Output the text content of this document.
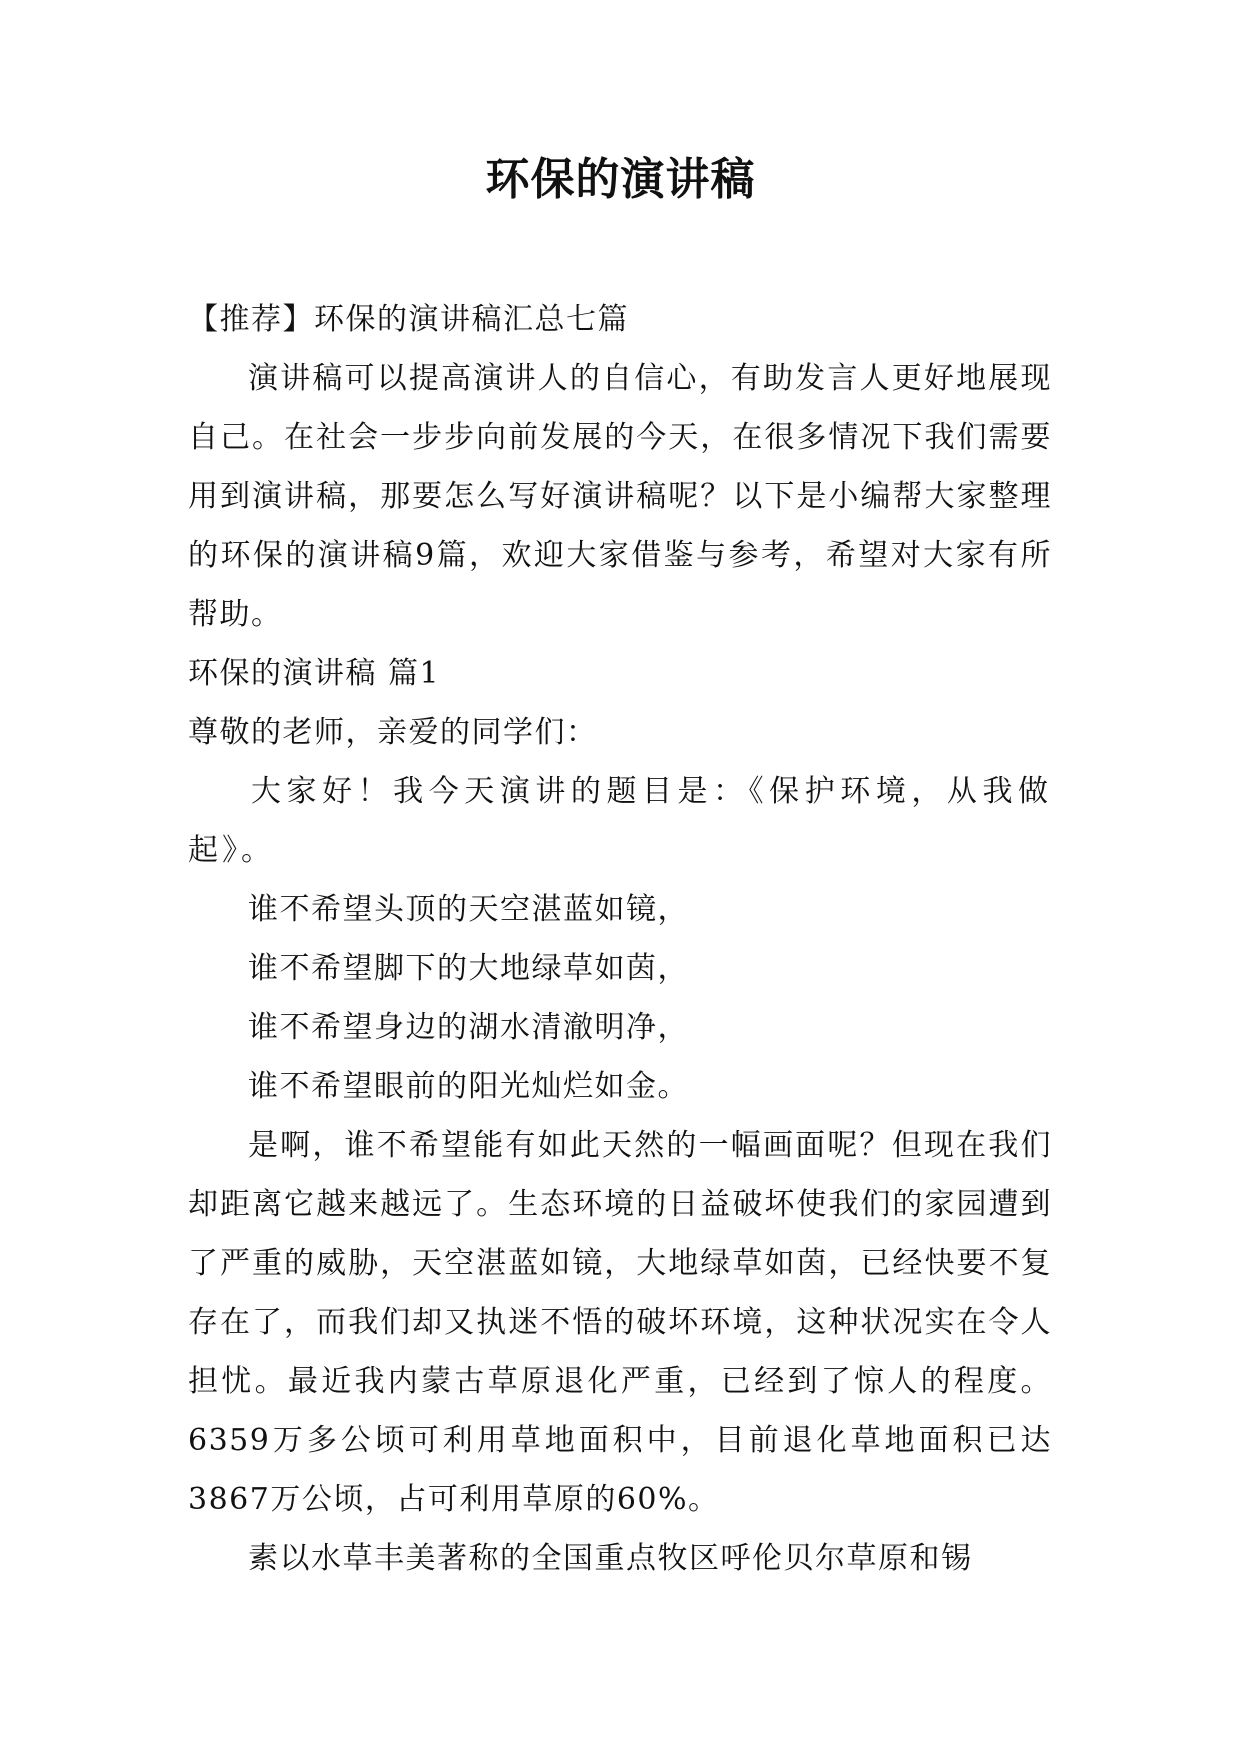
环保的演讲稿

【推荐】环保的演讲稿汇总七篇

演讲稿可以提高演讲人的自信心，有助发言人更好地展现自己。在社会一步步向前发展的今天，在很多情况下我们需要用到演讲稿，那要怎么写好演讲稿呢？以下是小编帮大家整理的环保的演讲稿9篇，欢迎大家借鉴与参考，希望对大家有所帮助。

环保的演讲稿 篇1

尊敬的老师，亲爱的同学们：

大家好！我今天演讲的题目是：《保护环境，从我做起》。

谁不希望头顶的天空湛蓝如镜，

谁不希望脚下的大地绿草如茵，

谁不希望身边的湖水清澈明净，

谁不希望眼前的阳光灿烂如金。

是啊，谁不希望能有如此天然的一幅画面呢？但现在我们却距离它越来越远了。生态环境的日益破坏使我们的家园遭到了严重的威胁，天空湛蓝如镜，大地绿草如茵，已经快要不复存在了，而我们却又执迷不悟的破坏环境，这种状况实在令人担忧。最近我内蒙古草原退化严重，已经到了惊人的程度。6359万多公顷可利用草地面积中，目前退化草地面积已达3867万公顷，占可利用草原的60%。

素以水草丰美著称的全国重点牧区呼伦贝尔草原和锡
